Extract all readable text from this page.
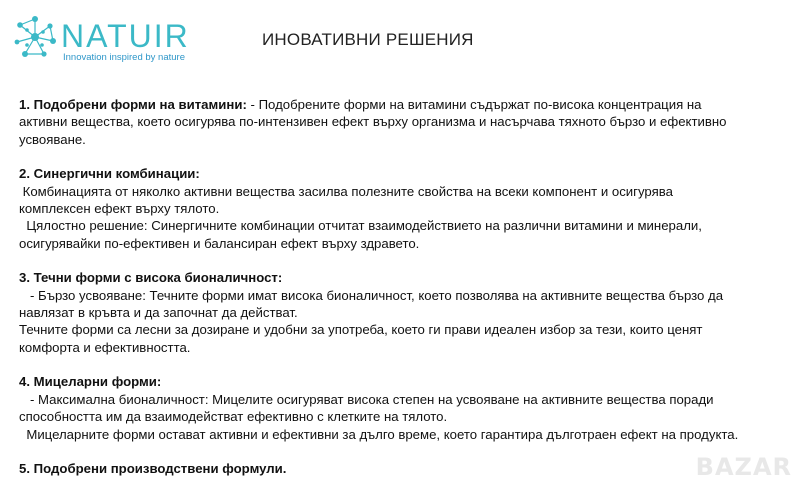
NATUIR
Innovation inspired by nature
ИНОВАТИВНИ РЕШЕНИЯ
1. Подобрени форми на витамини: - Подобрените форми на витамини съдържат по-висока концентрация на
активни вещества, което осигурява по-интензивен ефект върху организма и насърчава тяхното бързо и ефективно
усвояване.
2. Синергични комбинации:
Комбинацията от няколко активни вещества засилва полезните свойства на всеки компонент и осигурява
комплексен ефект върху тялото.
Цялостно решение: Синергичните комбинации отчитат взаимодействието на различни витамини и минерали,
осигурявайки по-ефективен и балансиран ефект върху здравето.
3. Течни форми с висока бионаличност:
- Бързо усвояване: Течните форми имат висока бионаличност, което позволява на активните вещества бързо да
навлязат в кръвта и да започнат да действат.
Течните форми са лесни за дозиране и удобни за употреба, което ги прави идеален избор за тези, които ценят
комфорта и ефективността.
4. Мицеларни форми:
- Максимална бионаличност: Мицелите осигуряват висока степен на усвояване на активните вещества поради
способността им да взаимодействат ефективно с клетките на тялото.
Мицеларните форми остават активни и ефективни за дълго време, което гарантира дълготраен ефект на продукта.
5. Подобрени производствени формули.	BAZAR
